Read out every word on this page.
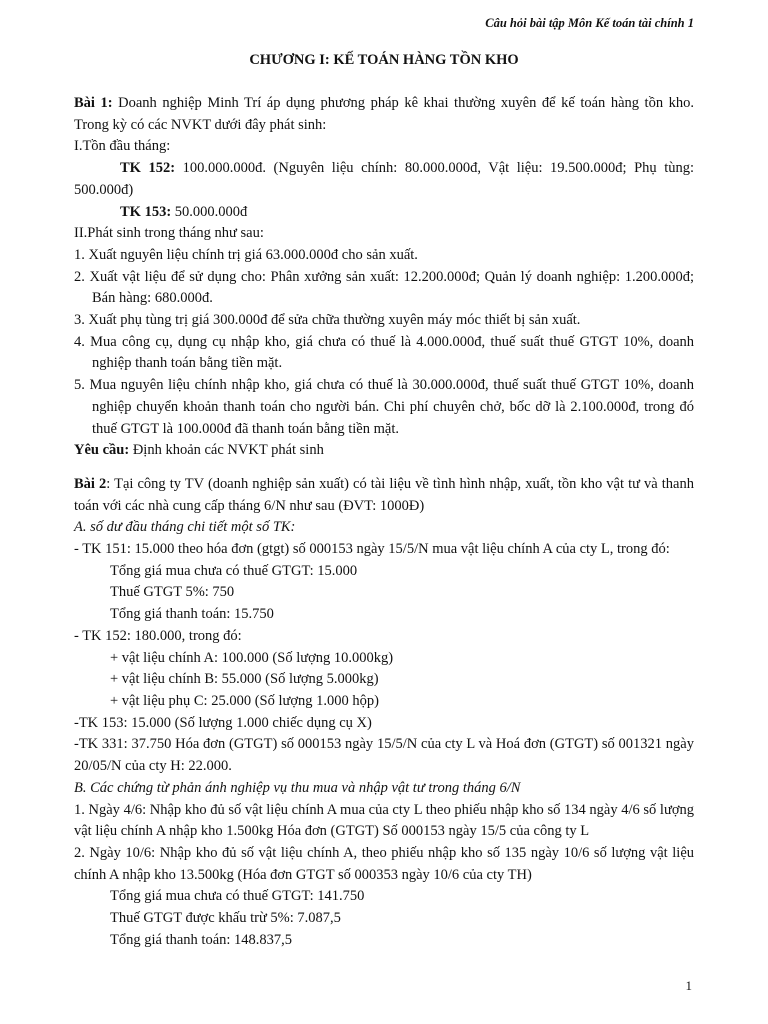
Câu hỏi bài tập Môn Kế toán tài chính 1
CHƯƠNG I: KẾ TOÁN HÀNG TỒN KHO

Bài 1: Doanh nghiệp Minh Trí áp dụng phương pháp kê khai thường xuyên để kế toán hàng tồn kho. Trong kỳ có các NVKT dưới đây phát sinh:

I.Tồn đầu tháng:

TK 152: 100.000.000đ. (Nguyên liệu chính: 80.000.000đ, Vật liệu: 19.500.000đ; Phụ tùng: 500.000đ)

TK 153: 50.000.000đ

II.Phát sinh trong tháng như sau:

1. Xuất nguyên liệu chính trị giá 63.000.000đ cho sản xuất.

2. Xuất vật liệu để sử dụng cho: Phân xưởng sản xuất: 12.200.000đ; Quản lý doanh nghiệp: 1.200.000đ; Bán hàng: 680.000đ.

3. Xuất phụ tùng trị giá 300.000đ để sửa chữa thường xuyên máy móc thiết bị sản xuất.

4. Mua công cụ, dụng cụ nhập kho, giá chưa có thuế là 4.000.000đ, thuế suất thuế GTGT 10%, doanh nghiệp thanh toán bằng tiền mặt.

5. Mua nguyên liệu chính nhập kho, giá chưa có thuế là 30.000.000đ, thuế suất thuế GTGT 10%, doanh nghiệp chuyển khoản thanh toán cho người bán. Chi phí chuyên chở, bốc dỡ là 2.100.000đ, trong đó thuế GTGT là 100.000đ đã thanh toán bằng tiền mặt.

Yêu cầu: Định khoản các NVKT phát sinh

Bài 2: Tại công ty TV (doanh nghiệp sản xuất) có tài liệu về tình hình nhập, xuất, tồn kho vật tư và thanh toán với các nhà cung cấp tháng 6/N như sau (ĐVT: 1000Đ)

A. số dư đầu tháng chi tiết một số TK:

- TK 151: 15.000 theo hóa đơn (gtgt) số 000153 ngày 15/5/N mua vật liệu chính A của cty L, trong đó:

Tổng giá mua chưa có thuế GTGT: 15.000

Thuế GTGT 5%: 750

Tổng giá thanh toán: 15.750

- TK 152: 180.000, trong đó:

+ vật liệu chính A: 100.000 (Số lượng 10.000kg)

+ vật liệu chính B: 55.000 (Số lượng 5.000kg)

+ vật liệu phụ C: 25.000 (Số lượng 1.000 hộp)

-TK 153: 15.000 (Số lượng 1.000 chiếc dụng cụ X)

-TK 331: 37.750 Hóa đơn (GTGT) số 000153 ngày 15/5/N của cty L và Hoá đơn (GTGT) số 001321 ngày 20/05/N của cty H: 22.000.

B. Các chứng từ phản ánh nghiệp vụ thu mua và nhập vật tư trong tháng 6/N

1. Ngày 4/6: Nhập kho đủ số vật liệu chính A mua của cty L theo phiếu nhập kho số 134 ngày 4/6 số lượng vật liệu chính A nhập kho 1.500kg Hóa đơn (GTGT) Số 000153 ngày 15/5 của công ty L

2. Ngày 10/6: Nhập kho đủ số vật liệu chính A, theo phiếu nhập kho số 135 ngày 10/6 số lượng vật liệu chính A nhập kho 13.500kg (Hóa đơn GTGT số 000353 ngày 10/6 của cty TH)

Tổng giá mua chưa có thuế GTGT: 141.750

Thuế GTGT được khấu trừ 5%: 7.087,5

Tổng giá thanh toán: 148.837,5

1
